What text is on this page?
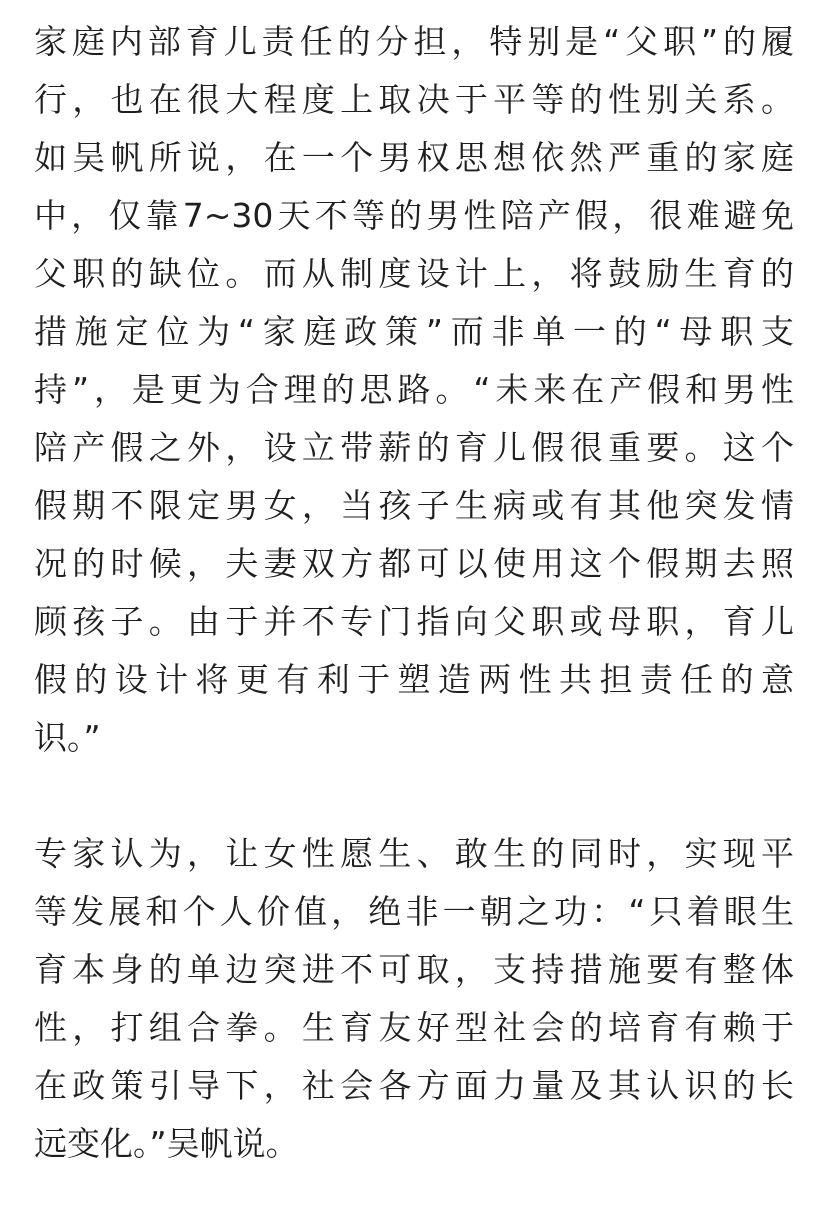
家庭内部育儿责任的分担，特别是“父职”的履
行，也在很大程度上取决于平等的性别关系。
如吴帆所说，在一个男权思想依然严重的家庭
中，仅靠7~30天不等的男性陪产假，很难避免
父职的缺位。而从制度设计上，将鼓励生育的
措施定位为“家庭政策”而非单一的“母职支
持”，是更为合理的思路。“未来在产假和男性
陪产假之外，设立带薪的育儿假很重要。这个
假期不限定男女，当孩子生病或有其他突发情
况的时候，夫妻双方都可以使用这个假期去照
顾孩子。由于并不专门指向父职或母职，育儿
假的设计将更有利于塑造两性共担责任的意
识。”
专家认为，让女性愿生、敢生的同时，实现平
等发展和个人价值，绝非一朝之功：“只着眼生
育本身的单边突进不可取，支持措施要有整体
性，打组合拳。生育友好型社会的培育有赖于
在政策引导下，社会各方面力量及其认识的长
远变化。”吴帆说。
